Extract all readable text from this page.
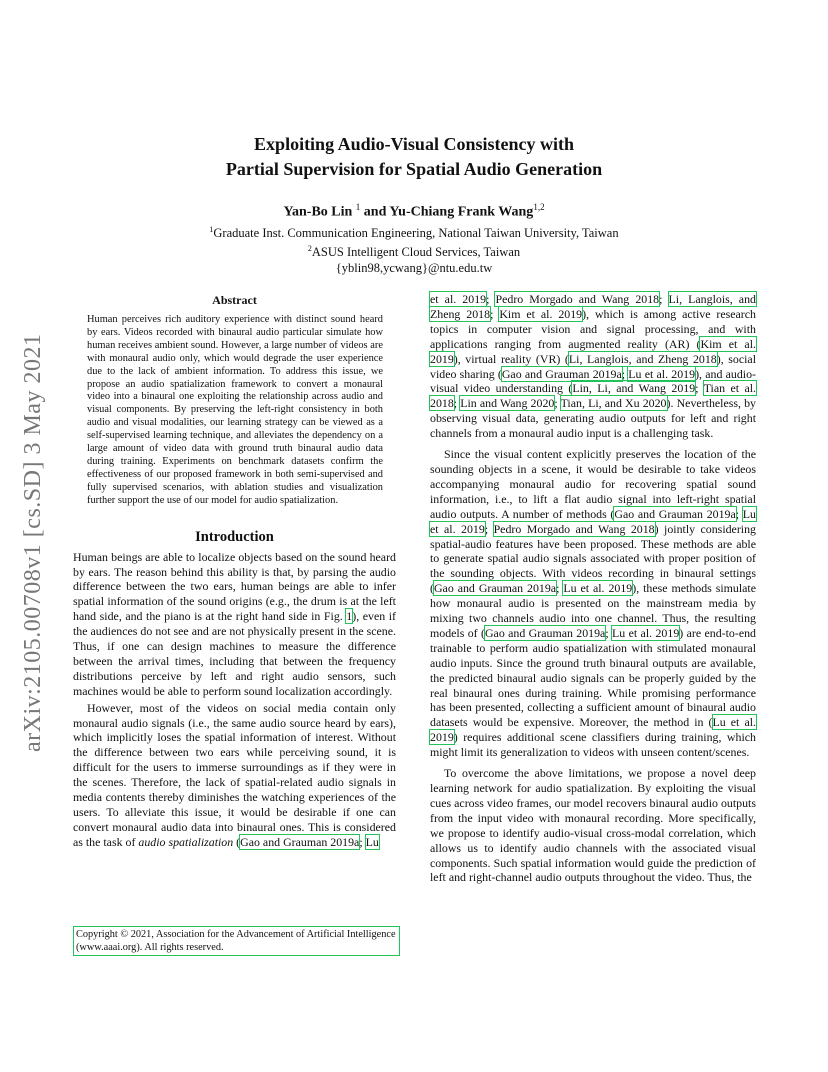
Exploiting Audio-Visual Consistency with
Partial Supervision for Spatial Audio Generation
Yan-Bo Lin $^1$ and Yu-Chiang Frank Wang$^{1,2}$
$^1$Graduate Inst. Communication Engineering, National Taiwan University, Taiwan
$^2$ASUS Intelligent Cloud Services, Taiwan
{yblin98,ycwang}@ntu.edu.tw
arXiv:2105.00708v1 [cs.SD] 3 May 2021
Abstract
Human perceives rich auditory experience with distinct sound heard by ears. Videos recorded with binaural audio particular simulate how human receives ambient sound. However, a large number of videos are with monaural audio only, which would degrade the user experience due to the lack of ambient information. To address this issue, we propose an audio spatialization framework to convert a monaural video into a binaural one exploiting the relationship across audio and visual components. By preserving the left-right consistency in both audio and visual modalities, our learning strategy can be viewed as a self-supervised learning technique, and alleviates the dependency on a large amount of video data with ground truth binaural audio data during training. Experiments on benchmark datasets confirm the effectiveness of our proposed framework in both semi-supervised and fully supervised scenarios, with ablation studies and visualization further support the use of our model for audio spatialization.
Introduction

Human beings are able to localize objects based on the sound heard by ears. The reason behind this ability is that, by parsing the audio difference between the two ears, human beings are able to infer spatial information of the sound origins (e.g., the drum is at the left hand side, and the piano is at the right hand side in Fig. 1), even if the audiences do not see and are not physically present in the scene. Thus, if one can design machines to measure the difference between the arrival times, including that between the frequency distributions perceive by left and right audio sensors, such machines would be able to perform sound localization accordingly.

However, most of the videos on social media contain only monaural audio signals (i.e., the same audio source heard by ears), which implicitly loses the spatial information of interest. Without the difference between two ears while perceiving sound, it is difficult for the users to immerse surroundings as if they were in the scenes. Therefore, the lack of spatial-related audio signals in media contents thereby diminishes the watching experiences of the users. To alleviate this issue, it would be desirable if one can convert monaural audio data into binaural ones. This is considered as the task of audio spatialization (Gao and Grauman 2019a; Lu

Copyright © 2021, Association for the Advancement of Artificial Intelligence (www.aaai.org). All rights reserved.

et al. 2019; Pedro Morgado and Wang 2018; Li, Langlois, and Zheng 2018; Kim et al. 2019), which is among active research topics in computer vision and signal processing, and with applications ranging from augmented reality (AR) (Kim et al. 2019), virtual reality (VR) (Li, Langlois, and Zheng 2018), social video sharing (Gao and Grauman 2019a; Lu et al. 2019), and audio-visual video understanding (Lin, Li, and Wang 2019; Tian et al. 2018; Lin and Wang 2020; Tian, Li, and Xu 2020). Nevertheless, by observing visual data, generating audio outputs for left and right channels from a monaural audio input is a challenging task.

Since the visual content explicitly preserves the location of the sounding objects in a scene, it would be desirable to take videos accompanying monaural audio for recovering spatial sound information, i.e., to lift a flat audio signal into left-right spatial audio outputs. A number of methods (Gao and Grauman 2019a; Lu et al. 2019; Pedro Morgado and Wang 2018) jointly considering spatial-audio features have been proposed. These methods are able to generate spatial audio signals associated with proper position of the sounding objects. With videos recording in binaural settings (Gao and Grauman 2019a; Lu et al. 2019), these methods simulate how monaural audio is presented on the mainstream media by mixing two channels audio into one channel. Thus, the resulting models of (Gao and Grauman 2019a; Lu et al. 2019) are end-to-end trainable to perform audio spatialization with stimulated monaural audio inputs. Since the ground truth binaural outputs are available, the predicted binaural audio signals can be properly guided by the real binaural ones during training. While promising performance has been presented, collecting a sufficient amount of binaural audio datasets would be expensive. Moreover, the method in (Lu et al. 2019) requires additional scene classifiers during training, which might limit its generalization to videos with unseen content/scenes.

To overcome the above limitations, we propose a novel deep learning network for audio spatialization. By exploiting the visual cues across video frames, our model recovers binaural audio outputs from the input video with monaural recording. More specifically, we propose to identify audio-visual cross-modal correlation, which allows us to identify audio channels with the associated visual components. Such spatial information would guide the prediction of left and right-channel audio outputs throughout the video. Thus, the
